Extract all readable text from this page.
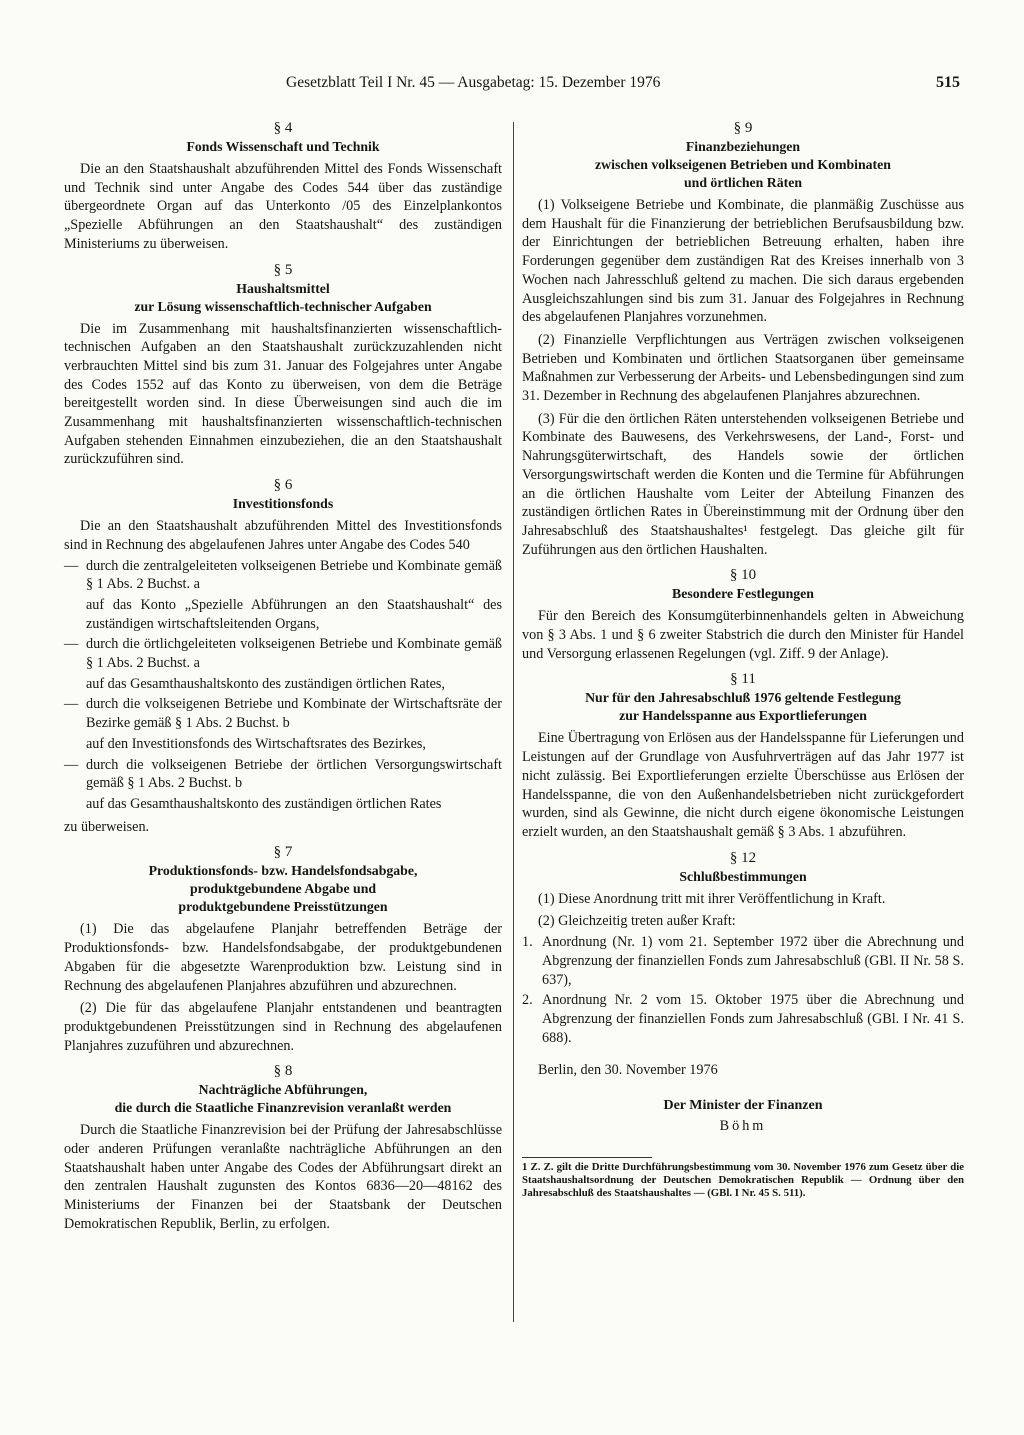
Gesetzblatt Teil I Nr. 45 — Ausgabetag: 15. Dezember 1976	515
§ 4
Fonds Wissenschaft und Technik

Die an den Staatshaushalt abzuführenden Mittel des Fonds Wissenschaft und Technik sind unter Angabe des Codes 544 über das zuständige übergeordnete Organ auf das Unterkonto /05 des Einzelplankontos „Spezielle Abführungen an den Staatshaushalt“ des zuständigen Ministeriums zu überweisen.

§ 5
Haushaltsmittel
zur Lösung wissenschaftlich-technischer Aufgaben

Die im Zusammenhang mit haushaltsfinanzierten wissenschaftlich-technischen Aufgaben an den Staatshaushalt zurückzuzahlenden nicht verbrauchten Mittel sind bis zum 31. Januar des Folgejahres unter Angabe des Codes 1552 auf das Konto zu überweisen, von dem die Beträge bereitgestellt worden sind. In diese Überweisungen sind auch die im Zusammenhang mit haushaltsfinanzierten wissenschaftlich-technischen Aufgaben stehenden Einnahmen einzubeziehen, die an den Staatshaushalt zurückzuführen sind.

§ 6
Investitionsfonds

Die an den Staatshaushalt abzuführenden Mittel des Investitionsfonds sind in Rechnung des abgelaufenen Jahres unter Angabe des Codes 540

— durch die zentralgeleiteten volkseigenen Betriebe und Kombinate gemäß § 1 Abs. 2 Buchst. a
auf das Konto „Spezielle Abführungen an den Staatshaushalt“ des zuständigen wirtschaftsleitenden Organs,
— durch die örtlichgeleiteten volkseigenen Betriebe und Kombinate gemäß § 1 Abs. 2 Buchst. a
auf das Gesamthaushaltskonto des zuständigen örtlichen Rates,
— durch die volkseigenen Betriebe und Kombinate der Wirtschaftsräte der Bezirke gemäß § 1 Abs. 2 Buchst. b
auf den Investitionsfonds des Wirtschaftsrates des Bezirkes,
— durch die volkseigenen Betriebe der örtlichen Versorgungswirtschaft gemäß § 1 Abs. 2 Buchst. b
auf das Gesamthaushaltskonto des zuständigen örtlichen Rates

zu überweisen.

§ 7
Produktionsfonds- bzw. Handelsfondsabgabe,
produktgebundene Abgabe und
produktgebundene Preisstützungen

(1) Die das abgelaufene Planjahr betreffenden Beträge der Produktionsfonds- bzw. Handelsfondsabgabe, der produktgebundenen Abgaben für die abgesetzte Warenproduktion bzw. Leistung sind in Rechnung des abgelaufenen Planjahres abzuführen und abzurechnen.

(2) Die für das abgelaufene Planjahr entstandenen und beantragten produktgebundenen Preisstützungen sind in Rechnung des abgelaufenen Planjahres zuzuführen und abzurechnen.

§ 8
Nachträgliche Abführungen,
die durch die Staatliche Finanzrevision veranlaßt werden

Durch die Staatliche Finanzrevision bei der Prüfung der Jahresabschlüsse oder anderen Prüfungen veranlaßte nachträgliche Abführungen an den Staatshaushalt haben unter Angabe des Codes der Abführungsart direkt an den zentralen Haushalt zugunsten des Kontos 6836—20—48162 des Ministeriums der Finanzen bei der Staatsbank der Deutschen Demokratischen Republik, Berlin, zu erfolgen.

§ 9
Finanzbeziehungen
zwischen volkseigenen Betrieben und Kombinaten
und örtlichen Räten

(1) Volkseigene Betriebe und Kombinate, die planmäßig Zuschüsse aus dem Haushalt für die Finanzierung der betrieblichen Berufsausbildung bzw. der Einrichtungen der betrieblichen Betreuung erhalten, haben ihre Forderungen gegenüber dem zuständigen Rat des Kreises innerhalb von 3 Wochen nach Jahresschluß geltend zu machen. Die sich daraus ergebenden Ausgleichszahlungen sind bis zum 31. Januar des Folgejahres in Rechnung des abgelaufenen Planjahres vorzunehmen.

(2) Finanzielle Verpflichtungen aus Verträgen zwischen volkseigenen Betrieben und Kombinaten und örtlichen Staatsorganen über gemeinsame Maßnahmen zur Verbesserung der Arbeits- und Lebensbedingungen sind zum 31. Dezember in Rechnung des abgelaufenen Planjahres abzurechnen.

(3) Für die den örtlichen Räten unterstehenden volkseigenen Betriebe und Kombinate des Bauwesens, des Verkehrswesens, der Land-, Forst- und Nahrungsgüterwirtschaft, des Handels sowie der örtlichen Versorgungswirtschaft werden die Konten und die Termine für Abführungen an die örtlichen Haushalte vom Leiter der Abteilung Finanzen des zuständigen örtlichen Rates in Übereinstimmung mit der Ordnung über den Jahresabschluß des Staatshaushaltes¹ festgelegt. Das gleiche gilt für Zuführungen aus den örtlichen Haushalten.

§ 10
Besondere Festlegungen

Für den Bereich des Konsumgüterbinnenhandels gelten in Abweichung von § 3 Abs. 1 und § 6 zweiter Stabstrich die durch den Minister für Handel und Versorgung erlassenen Regelungen (vgl. Ziff. 9 der Anlage).

§ 11
Nur für den Jahresabschluß 1976 geltende Festlegung
zur Handelsspanne aus Exportlieferungen

Eine Übertragung von Erlösen aus der Handelsspanne für Lieferungen und Leistungen auf der Grundlage von Ausfuhrverträgen auf das Jahr 1977 ist nicht zulässig. Bei Exportlieferungen erzielte Überschüsse aus Erlösen der Handelsspanne, die von den Außenhandelsbetrieben nicht zurückgefordert wurden, sind als Gewinne, die nicht durch eigene ökonomische Leistungen erzielt wurden, an den Staatshaushalt gemäß § 3 Abs. 1 abzuführen.

§ 12
Schlußbestimmungen

(1) Diese Anordnung tritt mit ihrer Veröffentlichung in Kraft.

(2) Gleichzeitig treten außer Kraft:

1. Anordnung (Nr. 1) vom 21. September 1972 über die Abrechnung und Abgrenzung der finanziellen Fonds zum Jahresabschluß (GBl. II Nr. 58 S. 637),
2. Anordnung Nr. 2 vom 15. Oktober 1975 über die Abrechnung und Abgrenzung der finanziellen Fonds zum Jahresabschluß (GBl. I Nr. 41 S. 688).
Berlin, den 30. November 1976
Der Minister der Finanzen
Böhm
1 Z. Z. gilt die Dritte Durchführungsbestimmung vom 30. November 1976 zum Gesetz über die Staatshaushaltsordnung der Deutschen Demokratischen Republik — Ordnung über den Jahresabschluß des Staatshaushaltes — (GBl. I Nr. 45 S. 511).
